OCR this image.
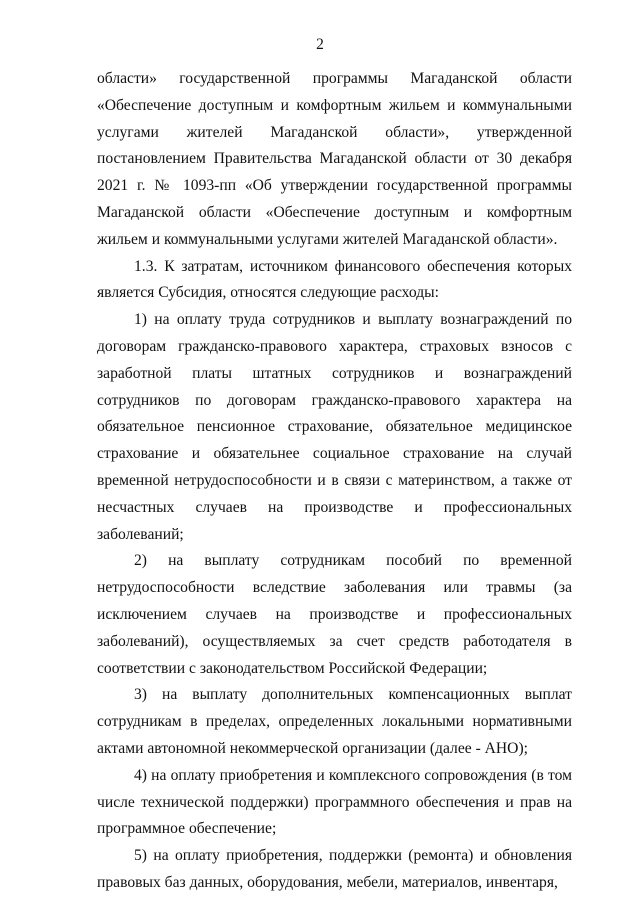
2

области» государственной программы Магаданской области «Обеспечение доступным и комфортным жильем и коммунальными услугами жителей Магаданской области», утвержденной постановлением Правительства Магаданской области от 30 декабря 2021 г. № 1093-пп «Об утверждении государственной программы Магаданской области «Обеспечение доступным и комфортным жильем и коммунальными услугами жителей Магаданской области».

1.3. К затратам, источником финансового обеспечения которых является Субсидия, относятся следующие расходы:

1) на оплату труда сотрудников и выплату вознаграждений по договорам гражданско-правового характера, страховых взносов с заработной платы штатных сотрудников и вознаграждений сотрудников по договорам гражданско-правового характера на обязательное пенсионное страхование, обязательное медицинское страхование и обязательнее социальное страхование на случай временной нетрудоспособности и в связи с материнством, а также от несчастных случаев на производстве и профессиональных заболеваний;

2) на выплату сотрудникам пособий по временной нетрудоспособности вследствие заболевания или травмы (за исключением случаев на производстве и профессиональных заболеваний), осуществляемых за счет средств работодателя в соответствии с законодательством Российской Федерации;

3) на выплату дополнительных компенсационных выплат сотрудникам в пределах, определенных локальными нормативными актами автономной некоммерческой организации (далее - АНО);

4) на оплату приобретения и комплексного сопровождения (в том числе технической поддержки) программного обеспечения и прав на программное обеспечение;

5) на оплату приобретения, поддержки (ремонта) и обновления правовых баз данных, оборудования, мебели, материалов, инвентаря,
